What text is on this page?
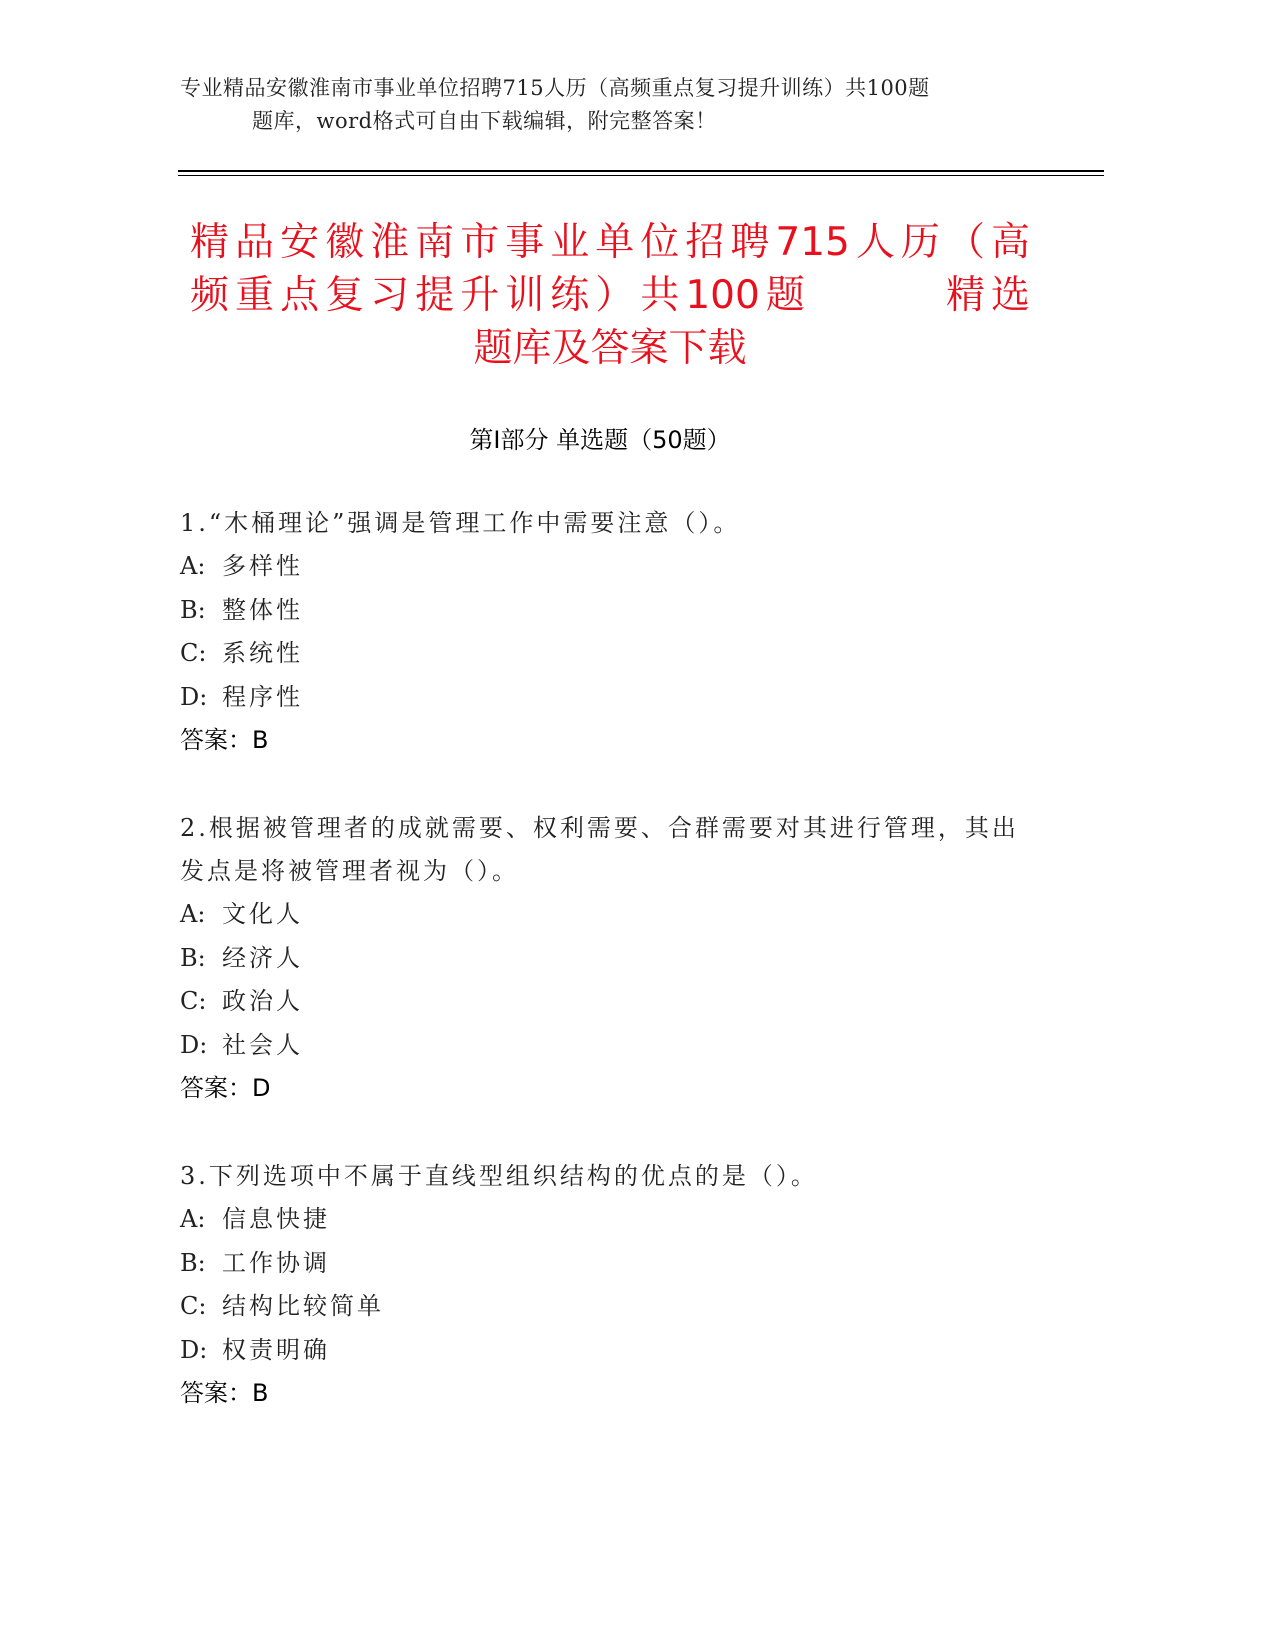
专业精品安徽淮南市事业单位招聘715人历（高频重点复习提升训练）共100题
题库，word格式可自由下载编辑，附完整答案！
精品安徽淮南市事业单位招聘715人历（高
频重点复习提升训练）共100题　　　精选
题库及答案下载
第Ⅰ部分 单选题（50题）

1.“木桶理论”强调是管理工作中需要注意（）。

A: 多样性
B: 整体性
C: 系统性
D: 程序性
答案：B

2.根据被管理者的成就需要、权利需要、合群需要对其进行管理，其出发点是将被管理者视为（）。

A: 文化人
B: 经济人
C: 政治人
D: 社会人
答案：D

3.下列选项中不属于直线型组织结构的优点的是（）。

A: 信息快捷
B: 工作协调
C: 结构比较简单
D: 权责明确
答案：B
